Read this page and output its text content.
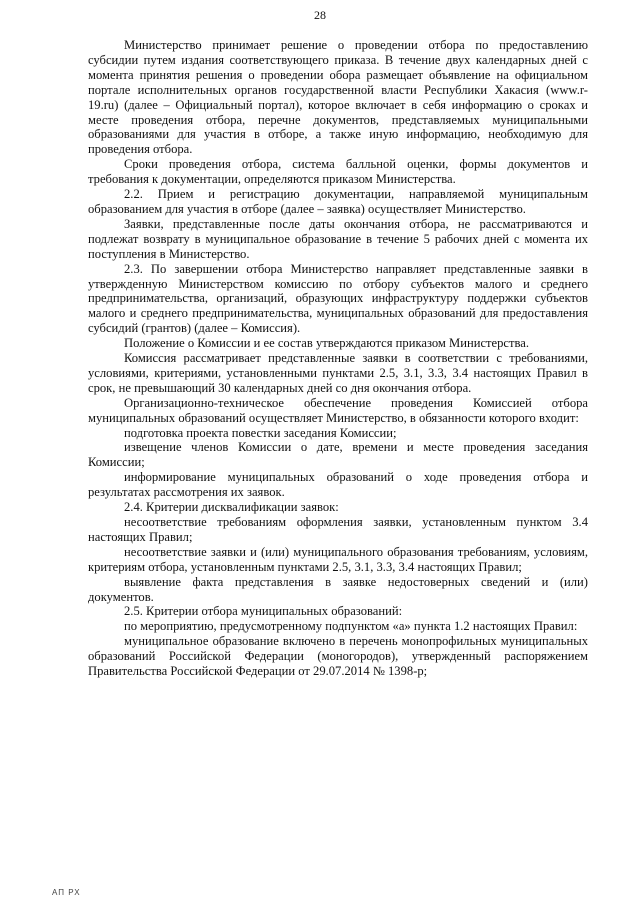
28

Министерство принимает решение о проведении отбора по предоставлению субсидии путем издания соответствующего приказа. В течение двух календарных дней с момента принятия решения о проведении обора размещает объявление на официальном портале исполнительных органов государственной власти Республики Хакасия (www.r-19.ru) (далее – Официальный портал), которое включает в себя информацию о сроках и месте проведения отбора, перечне документов, представляемых муниципальными образованиями для участия в отборе, а также иную информацию, необходимую для проведения отбора.

Сроки проведения отбора, система балльной оценки, формы документов и требования к документации, определяются приказом Министерства.

2.2. Прием и регистрацию документации, направляемой муниципальным образованием для участия в отборе (далее – заявка) осуществляет Министерство.

Заявки, представленные после даты окончания отбора, не рассматриваются и подлежат возврату в муниципальное образование в течение 5 рабочих дней с момента их поступления в Министерство.

2.3. По завершении отбора Министерство направляет представленные заявки в утвержденную Министерством комиссию по отбору субъектов малого и среднего предпринимательства, организаций, образующих инфраструктуру поддержки субъектов малого и среднего предпринимательства, муниципальных образований для предоставления субсидий (грантов) (далее – Комиссия).

Положение о Комиссии и ее состав утверждаются приказом Министерства.

Комиссия рассматривает представленные заявки в соответствии с требованиями, условиями, критериями, установленными пунктами 2.5, 3.1, 3.3, 3.4 настоящих Правил в срок, не превышающий 30 календарных дней со дня окончания отбора.

Организационно-техническое обеспечение проведения Комиссией отбора муниципальных образований осуществляет Министерство, в обязанности которого входит:

подготовка проекта повестки заседания Комиссии;

извещение членов Комиссии о дате, времени и месте проведения заседания Комиссии;

информирование муниципальных образований о ходе проведения отбора и результатах рассмотрения их заявок.

2.4. Критерии дисквалификации заявок:

несоответствие требованиям оформления заявки, установленным пунктом 3.4 настоящих Правил;

несоответствие заявки и (или) муниципального образования требованиям, условиям, критериям отбора, установленным пунктами 2.5, 3.1, 3.3, 3.4 настоящих Правил;

выявление факта представления в заявке недостоверных сведений и (или) документов.

2.5. Критерии отбора муниципальных образований:

по мероприятию, предусмотренному подпунктом «а» пункта 1.2 настоящих Правил:

муниципальное образование включено в перечень монопрофильных муниципальных образований Российской Федерации (моногородов), утвержденный распоряжением Правительства Российской Федерации от 29.07.2014 № 1398-р;

АП РХ
